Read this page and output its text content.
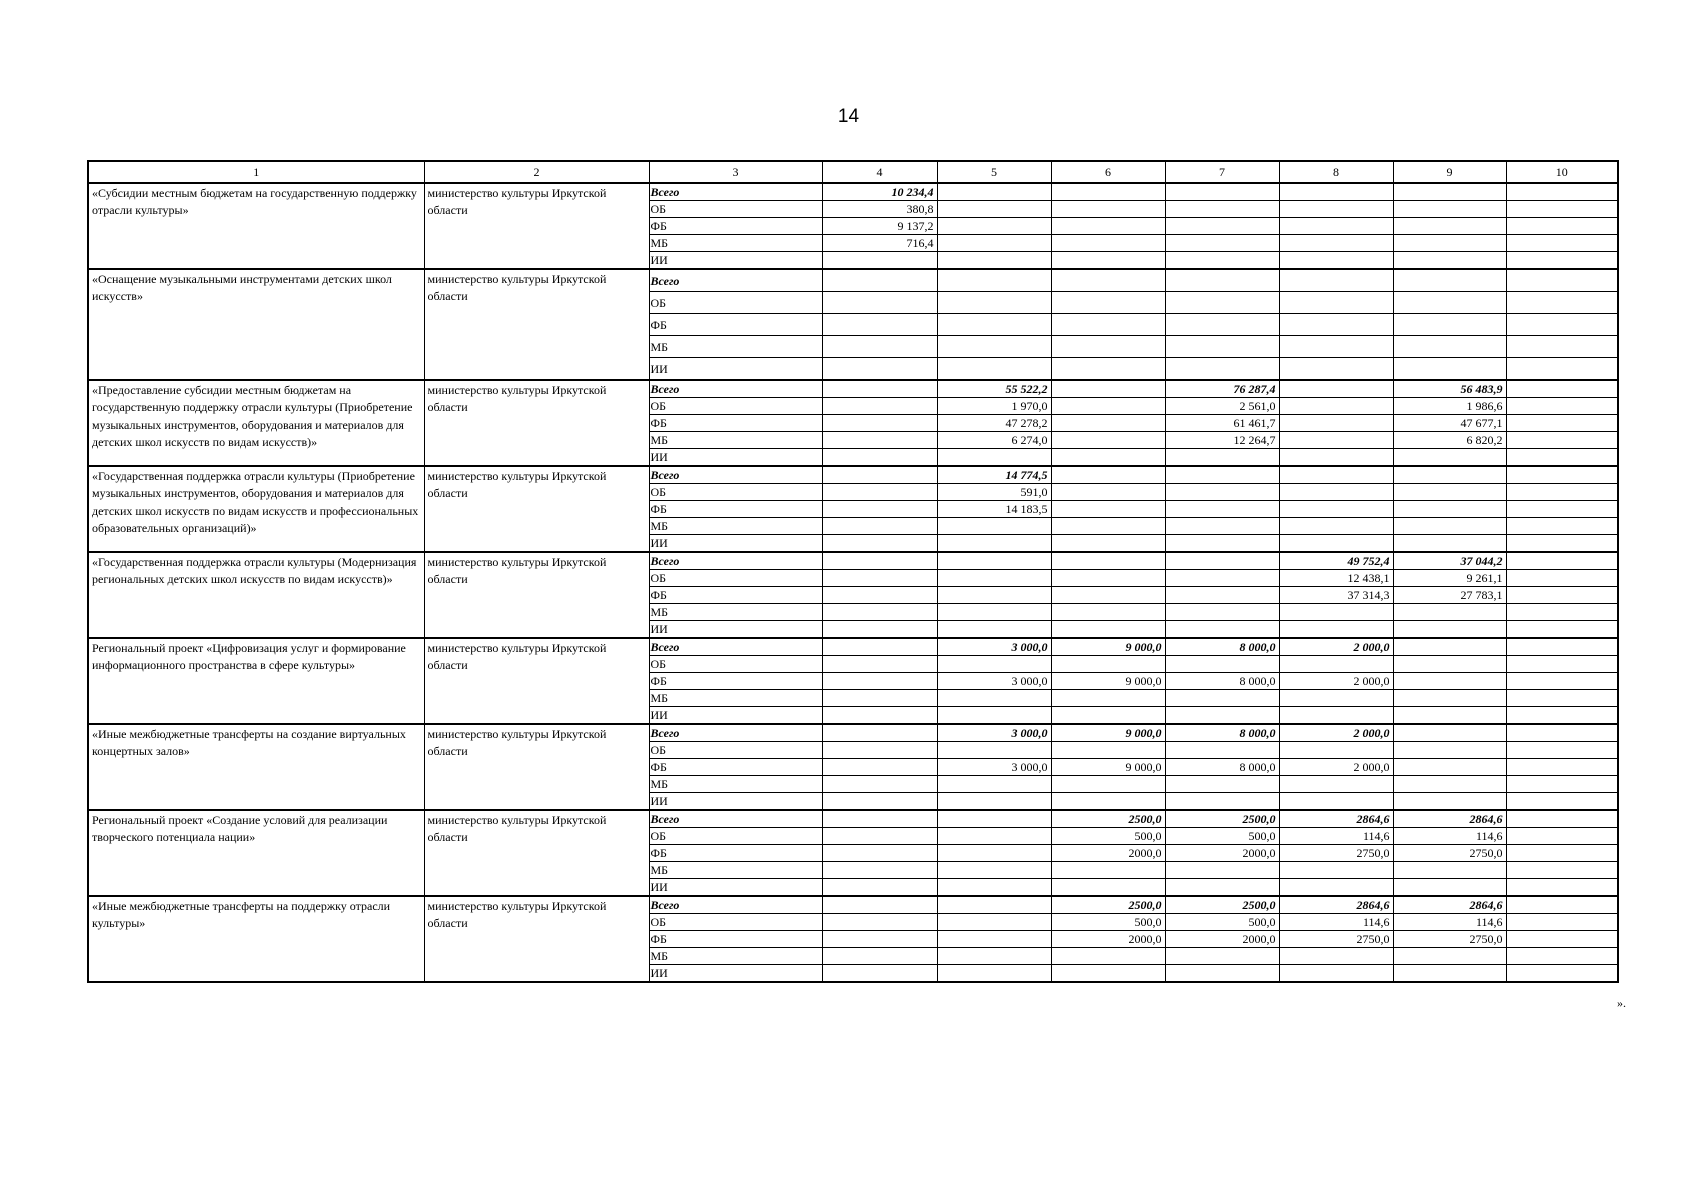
14
1	2	3	4	5	6	7	8	9	10
«Субсидии местным бюджетам на государственную поддержку отрасли культуры»	министерство культуры Иркутской области	Всего	10 234,4						
		ОБ	380,8						
		ФБ	9 137,2						
		МБ	716,4						
		ИИ							
«Оснащение музыкальными инструментами детских школ искусств»	министерство культуры Иркутской области	Всего							
		ОБ							
		ФБ							
		МБ							
		ИИ							
«Предоставление субсидии местным бюджетам на государственную поддержку отрасли культуры (Приобретение музыкальных инструментов, оборудования и материалов для детских школ искусств по видам искусств)»	министерство культуры Иркутской области	Всего		55 522,2		76 287,4		56 483,9	
		ОБ		1 970,0		2 561,0		1 986,6	
		ФБ		47 278,2		61 461,7		47 677,1	
		МБ		6 274,0		12 264,7		6 820,2	
		ИИ							
«Государственная поддержка отрасли культуры (Приобретение музыкальных инструментов, оборудования и материалов для детских школ искусств по видам искусств и профессиональных образовательных организаций)»	министерство культуры Иркутской области	Всего		14 774,5					
		ОБ		591,0					
		ФБ		14 183,5					
		МБ							
		ИИ							
«Государственная поддержка отрасли культуры (Модернизация региональных детских школ искусств по видам искусств)»	министерство культуры Иркутской области	Всего					49 752,4	37 044,2	
		ОБ					12 438,1	9 261,1	
		ФБ					37 314,3	27 783,1	
		МБ							
		ИИ							
Региональный проект «Цифровизация услуг и формирование информационного пространства в сфере культуры»	министерство культуры Иркутской области	Всего		3 000,0	9 000,0	8 000,0	2 000,0		
		ОБ							
		ФБ		3 000,0	9 000,0	8 000,0	2 000,0		
		МБ							
		ИИ							
«Иные межбюджетные трансферты на создание виртуальных концертных залов»	министерство культуры Иркутской области	Всего		3 000,0	9 000,0	8 000,0	2 000,0		
		ОБ							
		ФБ		3 000,0	9 000,0	8 000,0	2 000,0		
		МБ							
		ИИ							
Региональный проект «Создание условий для реализации творческого потенциала нации»	министерство культуры Иркутской области	Всего			2500,0	2500,0	2864,6	2864,6	
		ОБ			500,0	500,0	114,6	114,6	
		ФБ			2000,0	2000,0	2750,0	2750,0	
		МБ							
		ИИ							
«Иные межбюджетные трансферты на поддержку отрасли культуры»	министерство культуры Иркутской области	Всего			2500,0	2500,0	2864,6	2864,6	
		ОБ			500,0	500,0	114,6	114,6	
		ФБ			2000,0	2000,0	2750,0	2750,0	
		МБ							
		ИИ							
».
